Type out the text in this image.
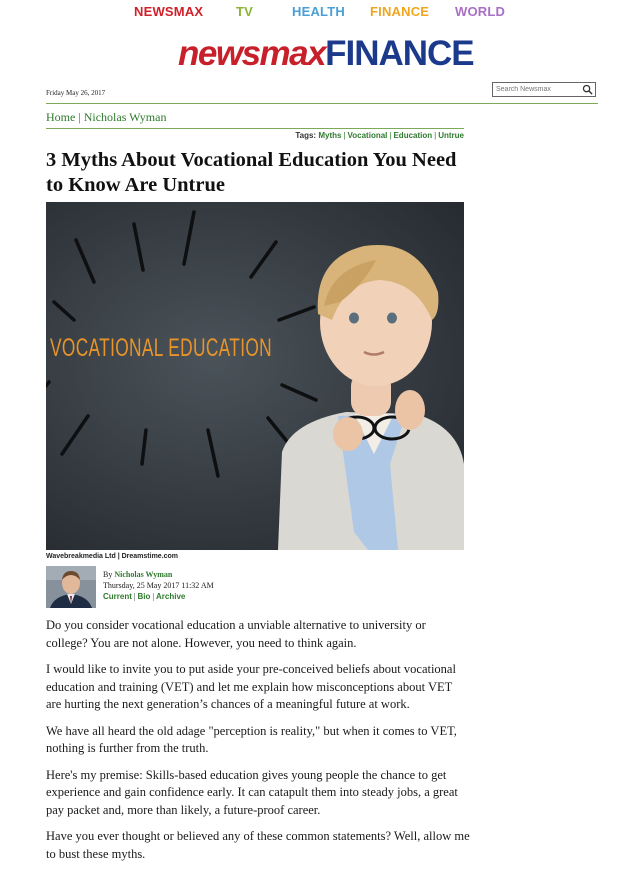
NEWSMAX	TV	HEALTH FINANCE WORLD
newsmaxFINANCE
Friday May 26, 2017
Search Newsmax
Home | Nicholas Wyman
Tags: Myths | Vocational | Education | Untrue
3 Myths About Vocational Education You Need to Know Are Untrue
VOCATIONAL EDUCATION
Wavebreakmedia Ltd | Dreamstime.com
By Nicholas Wyman
Thursday, 25 May 2017 11:32 AM
Current | Bio | Archive

Do you consider vocational education a unviable alternative to university or college? You are not alone. However, you need to think again.

I would like to invite you to put aside your pre-conceived beliefs about vocational education and training (VET) and let me explain how misconceptions about VET are hurting the next generation’s chances of a meaningful future at work.

We have all heard the old adage "perception is reality," but when it comes to VET, nothing is further from the truth.

Here's my premise: Skills-based education gives young people the chance to get experience and gain confidence early. It can catapult them into steady jobs, a great pay packet and, more than likely, a future-proof career.

Have you ever thought or believed any of these common statements? Well, allow me to bust these myths.
